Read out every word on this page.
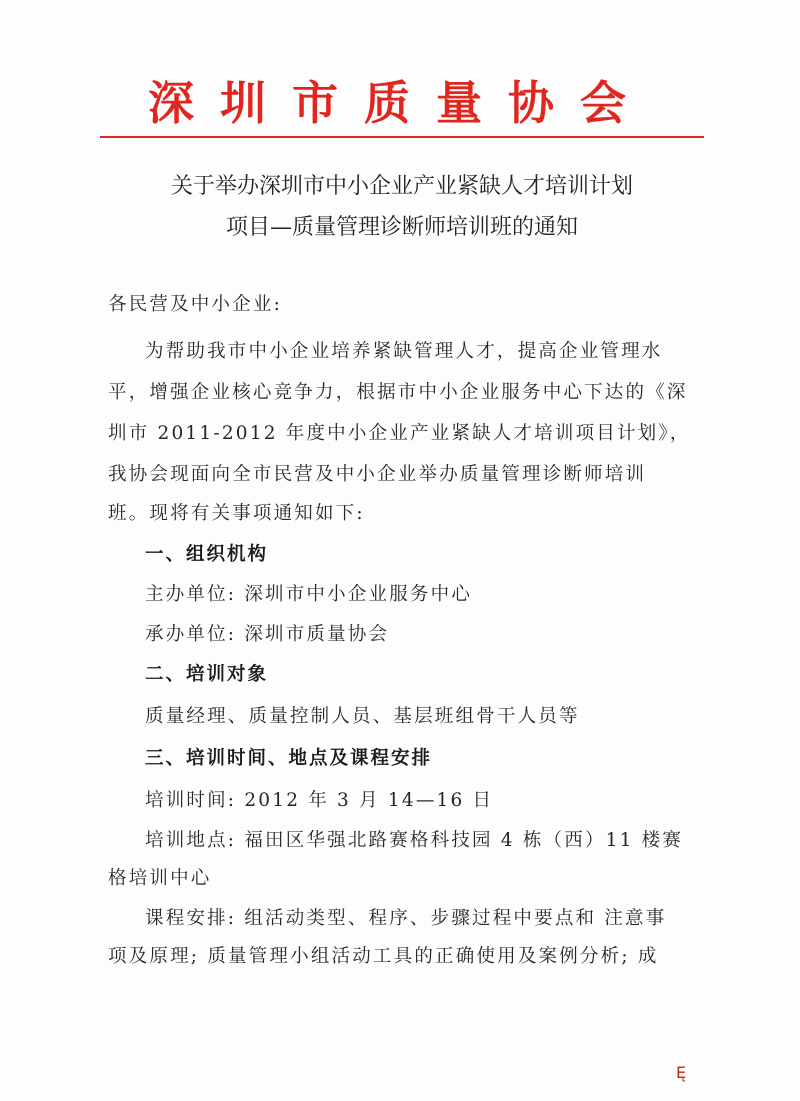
深圳市质量协会
关于举办深圳市中小企业产业紧缺人才培训计划
项目—质量管理诊断师培训班的通知
各民营及中小企业:
为帮助我市中小企业培养紧缺管理人才，提高企业管理水
平，增强企业核心竞争力，根据市中小企业服务中心下达的《深
圳市 2011-2012 年度中小企业产业紧缺人才培训项目计划》，
我协会现面向全市民营及中小企业举办质量管理诊断师培训
班。现将有关事项通知如下:
一、组织机构
主办单位: 深圳市中小企业服务中心
承办单位: 深圳市质量协会
二、培训对象
质量经理、质量控制人员、基层班组骨干人员等
三、培训时间、地点及课程安排
培训时间: 2012 年 3 月 14—16 日
培训地点: 福田区华强北路赛格科技园 4 栋（西）11 楼赛
格培训中心
课程安排: 组活动类型、程序、步骤过程中要点和 注意事
项及原理; 质量管理小组活动工具的正确使用及案例分析; 成
Ę
